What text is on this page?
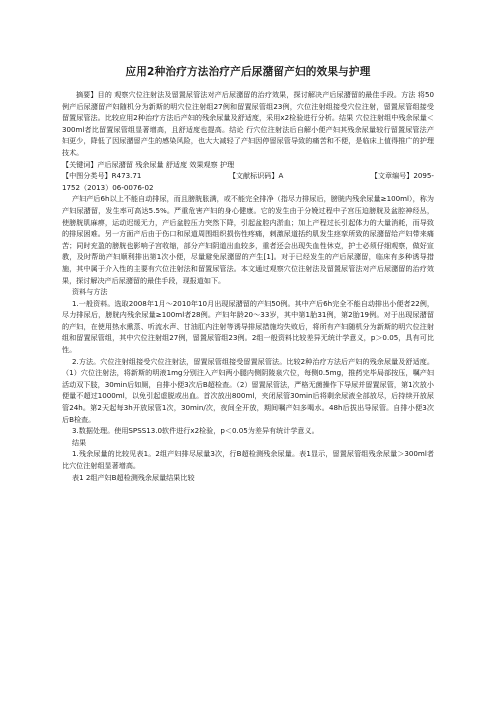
应用2种治疗方法治疗产后尿潴留产妇的效果与护理

摘要】目的 观察穴位注射法及留置尿管法对产后尿潴留的治疗效果，探讨解决产后尿潴留的最佳手段。方法 将50例产后尿潴留产妇随机分为新斯的明穴位注射组27例和留置尿管组23例，穴位注射组接受穴位注射，留置尿管组接受留置尿管法。比较应用2种治疗方法后产妇的残余尿量及舒适度，采用x2检验进行分析。结果 穴位注射组中残余尿量＜300ml者比留置尿管组显著增高，且舒适度也提高。结论 行穴位注射法后自解小便产妇其残余尿量较行留置尿管法产妇更少，降低了因尿潴留产生的感染风险，也大大减轻了产妇因停留尿管导致的痛苦和不便，是临床上值得推广的护理技术。

【关键词】产后尿潴留 残余尿量 舒适度 效果观察 护理

【中图分类号】R473.71	【文献标识码】A	【文章编号】2095-

1752（2013）06-0076-02

产妇产后6h以上不能自动排尿，而且膀胱胀满，或不能完全排净（指尽力排尿后，膀胱内残余尿量≥100ml），称为产妇尿潴留，发生率可高达5.5%。严重危害产妇的身心健康。它的发生由于分娩过程中子宫压迫膀胱及盆腔神经丛，使膀胱肌麻痹，运动迟缓无力，产后盆腔压力突然下降，引起盆腔内淤血；加上产程过长引起体力的大量消耗，而导致的排尿困难。另一方面产后由于伤口和尿道周围组织损伤性疼痛，刺激尿道括约肌发生痉挛所致的尿潴留给产妇带来痛苦；同时充盈的膀胱也影响子宫收缩，部分产妇阴道出血较多，重者还会出现失血性休克，护士必须仔细观察，做好宣教，及时帮助产妇顺利排出第1次小便，尽量避免尿潴留的产生[1]。对于已经发生的产后尿潴留，临床有多种诱导措施，其中属于介入性的主要有穴位注射法和留置尿管法。本文通过观察穴位注射法及留置尿管法对产后尿潴留的治疗效果，探讨解决产后尿潴留的最佳手段，现报道如下。

资料与方法

1.一般资料。选取2008年1月～2010年10月出现尿潴留的产妇50例。其中产后6h完全不能自动排出小便者22例，尽力排尿后，膀胱内残余尿量≥100ml者28例。产妇年龄20～33岁，其中第1胎31例，第2胎19例。对于出现尿潴留的产妇，在使用热水熏蒸、听流水声、甘油肛内注射等诱导排尿措施均失败后，将所有产妇随机分为新斯的明穴位注射组和留置尿管组，其中穴位注射组27例，留置尿管组23例。2组一般资料比较差异无统计学意义，p＞0.05，具有可比性。

2.方法。穴位注射组接受穴位注射法，留置尿管组接受留置尿管法。比较2种治疗方法后产妇的残余尿量及舒适度。（1）穴位注射法，将新斯的明液1mg分别注入产妇两小腿内侧阴陵泉穴位，每侧0.5mg，推药完毕局部按压，嘱产妇活动双下肢，30min后如厕，自排小便3次后B超检查。（2）留置尿管法，严格无菌操作下导尿并留置尿管，第1次放小便量不超过1000ml，以免引起虚脱或出血。首次放出800ml，夹闭尿管30min后将剩余尿液全部放尽，后持续开放尿管24h。第2天起每3h开放尿管1次，30min/次，夜间全开放，期间嘱产妇多喝水。48h后拔出导尿管。自排小便3次后B检查。

3.数据处理。使用SPSS13.0软件进行x2检验，p＜0.05为差异有统计学意义。

结果

1.残余尿量的比较见表1。2组产妇排尽尿量3次，行B超检测残余尿量。表1显示，留置尿管组残余尿量＞300ml者比穴位注射组显著增高。

表1 2组产妇B超检测残余尿量结果比较
